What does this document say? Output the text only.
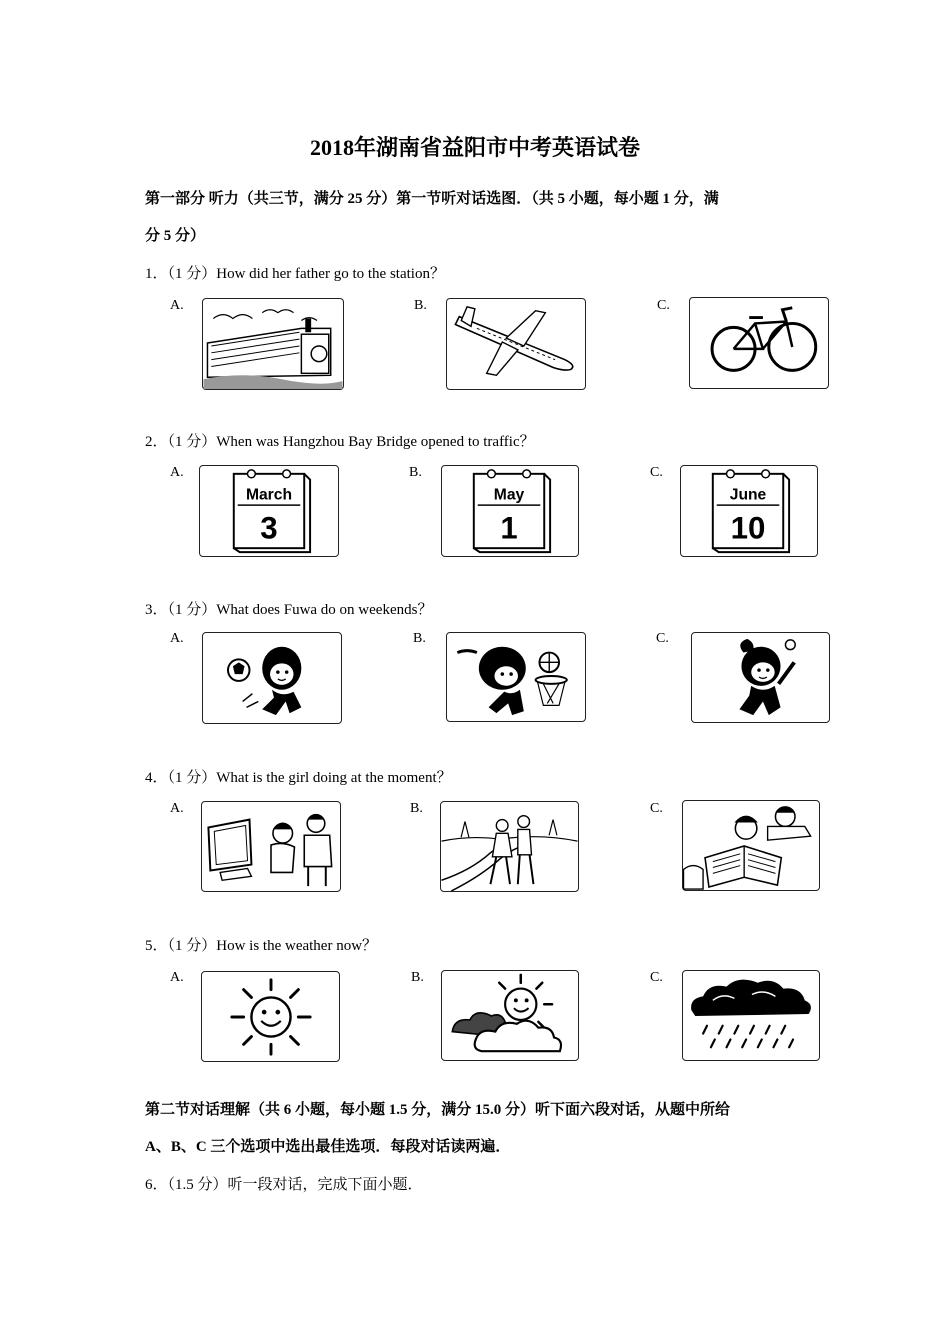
2018年湖南省益阳市中考英语试卷
第一部分 听力（共三节，满分 25 分）第一节听对话选图．（共 5 小题，每小题 1 分，满
分 5 分）
1．（1 分）How did her father go to the station？
A.	B.	C.
2．（1 分）When was Hangzhou Bay Bridge opened to traffic？
A.	B.	C.
March
3
May
1
June
10
3．（1 分）What does Fuwa do on weekends？
A.	B.	C.
4．（1 分）What is the girl doing at the moment？
A.	B.	C.
5．（1 分）How is the weather now？
A.	B.	C.
第二节对话理解（共 6 小题，每小题 1.5 分，满分 15.0 分）听下面六段对话，从题中所给
A、B、C 三个选项中选出最佳选项．每段对话读两遍．
6．（1.5 分）听一段对话，完成下面小题．
